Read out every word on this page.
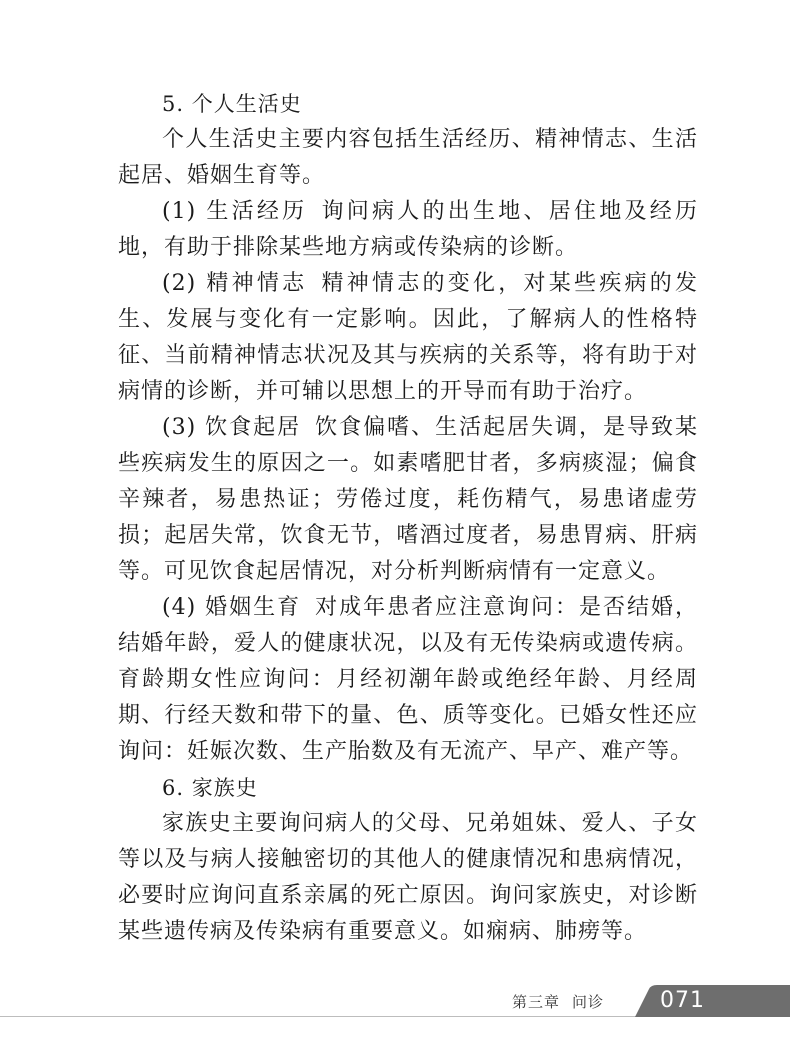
5. 个人生活史

个人生活史主要内容包括生活经历、精神情志、生活起居、婚姻生育等。

(1) 生活经历 询问病人的出生地、居住地及经历地，有助于排除某些地方病或传染病的诊断。

(2) 精神情志 精神情志的变化，对某些疾病的发生、发展与变化有一定影响。因此，了解病人的性格特征、当前精神情志状况及其与疾病的关系等，将有助于对病情的诊断，并可辅以思想上的开导而有助于治疗。

(3) 饮食起居 饮食偏嗜、生活起居失调，是导致某些疾病发生的原因之一。如素嗜肥甘者，多病痰湿；偏食辛辣者，易患热证；劳倦过度，耗伤精气，易患诸虚劳损；起居失常，饮食无节，嗜酒过度者，易患胃病、肝病等。可见饮食起居情况，对分析判断病情有一定意义。

(4) 婚姻生育 对成年患者应注意询问：是否结婚，结婚年龄，爱人的健康状况，以及有无传染病或遗传病。育龄期女性应询问：月经初潮年龄或绝经年龄、月经周期、行经天数和带下的量、色、质等变化。已婚女性还应询问：妊娠次数、生产胎数及有无流产、早产、难产等。

6. 家族史

家族史主要询问病人的父母、兄弟姐妹、爱人、子女等以及与病人接触密切的其他人的健康情况和患病情况，必要时应询问直系亲属的死亡原因。询问家族史，对诊断某些遗传病及传染病有重要意义。如痫病、肺痨等。

第三章 问诊	071
